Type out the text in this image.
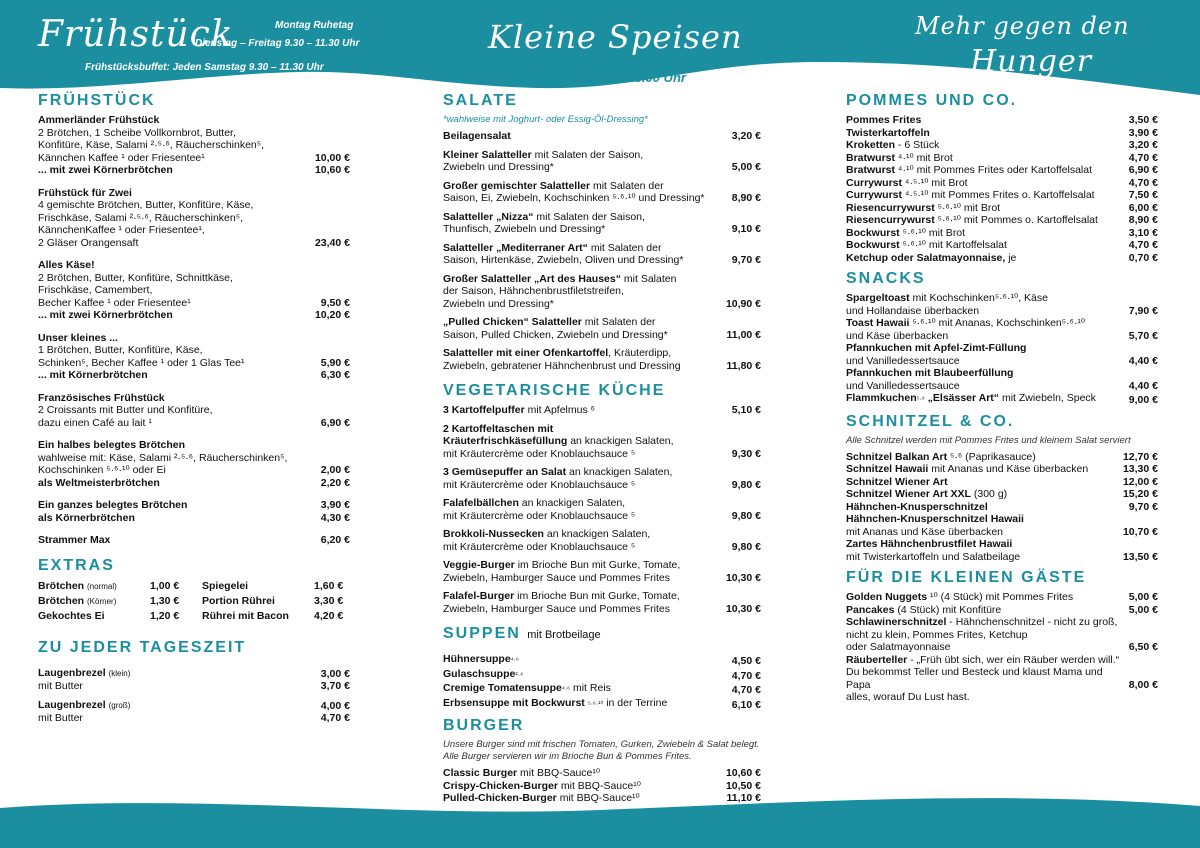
Frühstück	Montag Ruhetag
Dienstag – Freitag 9.30 – 11.30 Uhr
Frühstücksbuffet: Jeden Samstag 9.30 – 11.30 Uhr
Kleine Speisen
Warme Küche bis 15.00 Uhr
Mehr gegen den
Hunger
FRÜHSTÜCK
Ammerländer Frühstück
2 Brötchen, 1 Scheibe Vollkornbrot, Butter,
Konfitüre, Käse, Salami ²·⁵·⁶, Räucherschinken⁵,
Kännchen Kaffee ¹ oder Friesentee¹	10,00 €
... mit zwei Körnerbrötchen	10,60 €
Frühstück für Zwei
4 gemischte Brötchen, Butter, Konfitüre, Käse,
Frischkäse, Salami ²·⁵·⁶, Räucherschinken⁵,
KännchenKaffee ¹ oder Friesentee¹,
2 Gläser Orangensaft	23,40 €
Alles Käse!
2 Brötchen, Butter, Konfitüre, Schnittkäse,
Frischkäse, Camembert,
Becher Kaffee ¹ oder Friesentee¹	9,50 €
... mit zwei Körnerbrötchen	10,20 €
Unser kleines ...
1 Brötchen, Butter, Konfitüre, Käse,
Schinken⁵, Becher Kaffee ¹ oder 1 Glas Tee¹	5,90 €
... mit Körnerbrötchen	6,30 €
Französisches Frühstück
2 Croissants mit Butter und Konfitüre,
dazu einen Café au lait ¹	6,90 €
Ein halbes belegtes Brötchen
wahlweise mit: Käse, Salami ²·⁵·⁶, Räucherschinken⁵,
Kochschinken ⁵·⁶·¹⁰ oder Ei	2,00 €
als Weltmeisterbrötchen	2,20 €
Ein ganzes belegtes Brötchen	3,90 €
als Körnerbrötchen	4,30 €
Strammer Max	6,20 €
EXTRAS
Brötchen (normal)	1,00 €	Spiegelei	1,60 €
Brötchen (Körner)	1,30 €	Portion Rührei	3,30 €
Gekochtes Ei	1,20 €	Rührei mit Bacon	4,20 €
ZU JEDER TAGESZEIT
Laugenbrezel (klein)	3,00 €
mit Butter	3,70 €
Laugenbrezel (groß)	4,00 €
mit Butter	4,70 €
SALATE
*wahlweise mit Joghurt- oder Essig-Öl-Dressing*
Beilagensalat	3,20 €
Kleiner Salatteller mit Salaten der Saison,
Zwiebeln und Dressing*	5,00 €
Großer gemischter Salatteller mit Salaten der
Saison, Ei, Zwiebeln, Kochschinken ⁵·⁶·¹⁰ und Dressing*	8,90 €
Salatteller „Nizza“ mit Salaten der Saison,
Thunfisch, Zwiebeln und Dressing*	9,10 €
Salatteller „Mediterraner Art“ mit Salaten der
Saison, Hirtenkäse, Zwiebeln, Oliven und Dressing*	9,70 €
Großer Salatteller „Art des Hauses“ mit Salaten
der Saison, Hähnchenbrustfiletstreifen,
Zwiebeln und Dressing*	10,90 €
„Pulled Chicken“ Salatteller mit Salaten der
Saison, Pulled Chicken, Zwiebeln und Dressing*	11,00 €
Salatteller mit einer Ofenkartoffel, Kräuterdipp,
Zwiebeln, gebratener Hähnchenbrust und Dressing	11,80 €
VEGETARISCHE KÜCHE
3 Kartoffelpuffer mit Apfelmus ⁶	5,10 €
2 Kartoffeltaschen mit
Kräuterfrischkäsefüllung an knackigen Salaten,
mit Kräutercrème oder Knoblauchsauce ⁵	9,30 €
3 Gemüsepuffer an Salat an knackigen Salaten,
mit Kräutercrème oder Knoblauchsauce ⁵	9,80 €
Falafelbällchen an knackigen Salaten,
mit Kräutercrème oder Knoblauchsauce ⁵	9,80 €
Brokkoli-Nussecken an knackigen Salaten,
mit Kräutercrème oder Knoblauchsauce ⁵	9,80 €
Veggie-Burger im Brioche Bun mit Gurke, Tomate,
Zwiebeln, Hamburger Sauce und Pommes Frites	10,30 €
Falafel-Burger im Brioche Bun mit Gurke, Tomate,
Zwiebeln, Hamburger Sauce und Pommes Frites	10,30 €
SUPPEN mit Brotbeilage
Hühnersuppe⁴·⁶	4,50 €
Gulaschsuppe²·⁴	4,70 €
Cremige Tomatensuppe⁴·⁶ mit Reis	4,70 €
Erbsensuppe mit Bockwurst ⁵·⁶·¹⁰ in der Terrine	6,10 €
BURGER
Unsere Burger sind mit frischen Tomaten, Gurken, Zwiebeln & Salat belegt.
Alle Burger servieren wir im Brioche Bun & Pommes Frites.
Classic Burger mit BBQ-Sauce¹⁰	10,60 €
Crispy-Chicken-Burger mit BBQ-Sauce¹⁰	10,50 €
Pulled-Chicken-Burger mit BBQ-Sauce¹⁰	11,10 €
POMMES UND CO.
Pommes Frites	3,50 €
Twisterkartoffeln	3,90 €
Kroketten - 6 Stück	3,20 €
Bratwurst ⁴·¹⁰ mit Brot	4,70 €
Bratwurst ⁴·¹⁰ mit Pommes Frites oder Kartoffelsalat	6,90 €
Currywurst ⁴·⁵·¹⁰ mit Brot	4,70 €
Currywurst ⁴·⁵·¹⁰ mit Pommes Frites o. Kartoffelsalat	7,50 €
Riesencurrywurst ⁵·⁶·¹⁰ mit Brot	6,00 €
Riesencurrywurst ⁵·⁶·¹⁰ mit Pommes o. Kartoffelsalat	8,90 €
Bockwurst ⁵·⁶·¹⁰ mit Brot	3,10 €
Bockwurst ⁵·⁶·¹⁰ mit Kartoffelsalat	4,70 €
Ketchup oder Salatmayonnaise, je	0,70 €
SNACKS
Spargeltoast mit Kochschinken⁵·⁶·¹⁰, Käse
und Hollandaise überbacken	7,90 €
Toast Hawaii ⁵·⁶·¹⁰ mit Ananas, Kochschinken⁵·⁶·¹⁰
und Käse überbacken	5,70 €
Pfannkuchen mit Apfel-Zimt-Füllung
und Vanilledessertsauce	4,40 €
Pfannkuchen mit Blaubeerfüllung
und Vanilledessertsauce	4,40 €
Flammkuchen⁵·⁶ „Elsässer Art“ mit Zwiebeln, Speck	9,00 €
SCHNITZEL & CO.
Alle Schnitzel werden mit Pommes Frites und kleinem Salat serviert
Schnitzel Balkan Art ⁵·⁶ (Paprikasauce)	12,70 €
Schnitzel Hawaii mit Ananas und Käse überbacken	13,30 €
Schnitzel Wiener Art	12,00 €
Schnitzel Wiener Art XXL (300 g)	15,20 €
Hähnchen-Knusperschnitzel	9,70 €
Hähnchen-Knusperschnitzel Hawaii
mit Ananas und Käse überbacken	10,70 €
Zartes Hähnchenbrustfilet Hawaii
mit Twisterkartoffeln und Salatbeilage	13,50 €
FÜR DIE KLEINEN GÄSTE
Golden Nuggets ¹⁰ (4 Stück) mit Pommes Frites	5,00 €
Pancakes (4 Stück) mit Konfitüre	5,00 €
Schlawinerschnitzel - Hähnchenschnitzel - nicht zu groß,
nicht zu klein, Pommes Frites, Ketchup
oder Salatmayonnaise	6,50 €
Räuberteller - „Früh übt sich, wer ein Räuber werden will.“
Du bekommst Teller und Besteck und klaust Mama und Papa	8,00 €
alles, worauf Du Lust hast.
